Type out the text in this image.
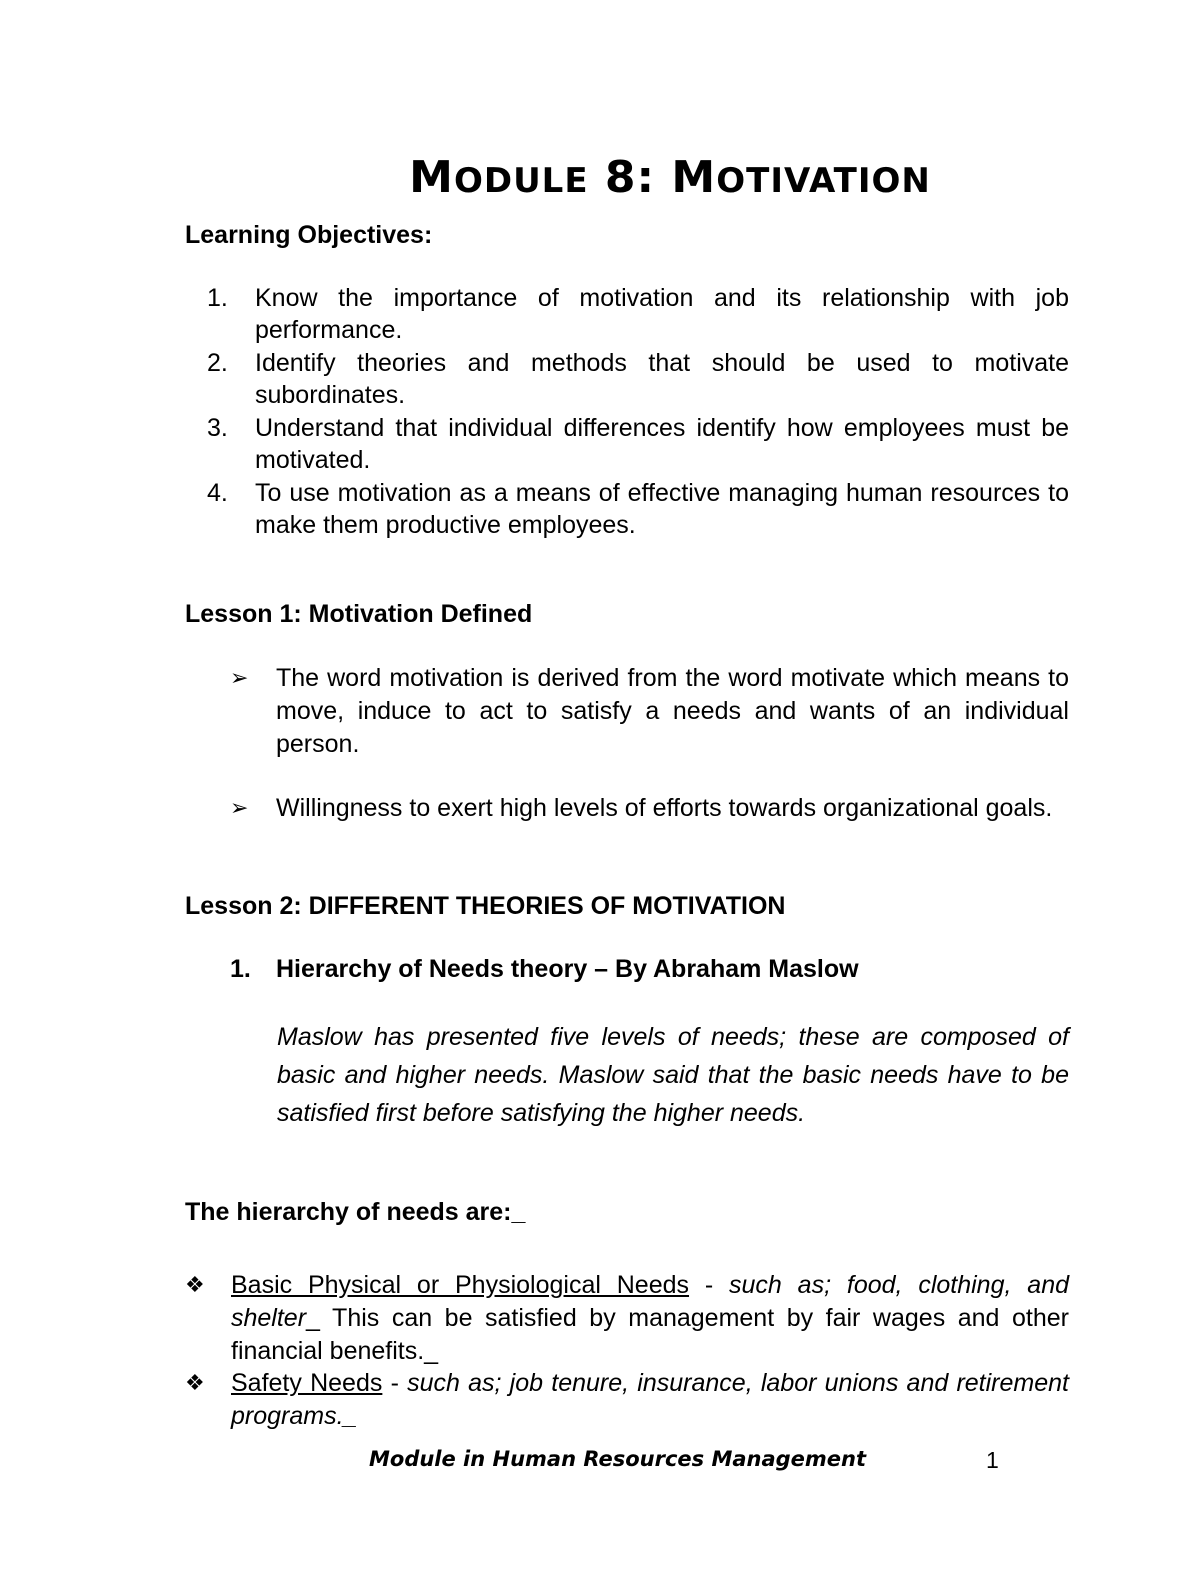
MODULE 8: MOTIVATION
Learning Objectives:
1. Know the importance of motivation and its relationship with job performance.
2. Identify theories and methods that should be used to motivate subordinates.
3. Understand that individual differences identify how employees must be motivated.
4. To use motivation as a means of effective managing human resources to make them productive employees.
Lesson 1: Motivation Defined
➢ The word motivation is derived from the word motivate which means to move, induce to act to satisfy a needs and wants of an individual person.
➢ Willingness to exert high levels of efforts towards organizational goals.
Lesson 2: DIFFERENT THEORIES OF MOTIVATION
1. Hierarchy of Needs theory – By Abraham Maslow
Maslow has presented five levels of needs; these are composed of basic and higher needs. Maslow said that the basic needs have to be satisfied first before satisfying the higher needs.
The hierarchy of needs are:_
❖ Basic Physical or Physiological Needs - such as; food, clothing, and shelter_ This can be satisfied by management by fair wages and other financial benefits._
❖ Safety Needs - such as; job tenure, insurance, labor unions and retirement programs._
Module in Human Resources Management	1
